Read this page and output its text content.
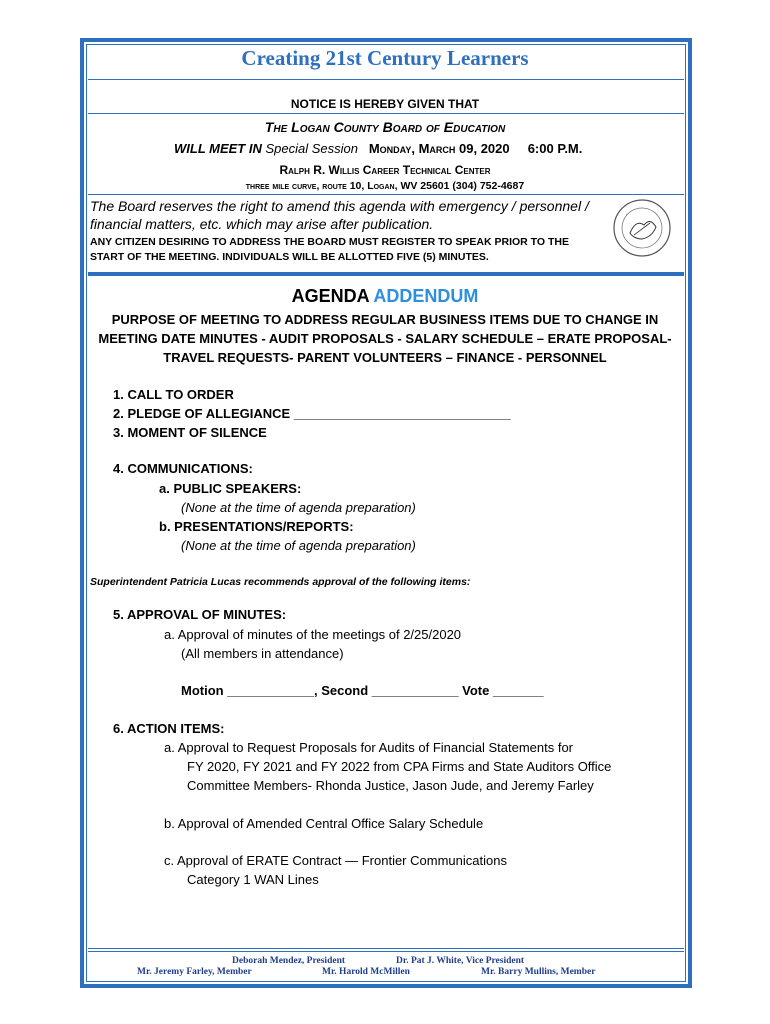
Creating 21st Century Learners
NOTICE IS HEREBY GIVEN THAT
The Logan County Board of Education
WILL MEET IN Special Session Monday, March 09, 2020 6:00 P.M.
Ralph R. Willis Career Technical Center
three mile curve, route 10, Logan, WV 25601 (304) 752-4687
The Board reserves the right to amend this agenda with emergency / personnel /
financial matters, etc. which may arise after publication.
ANY CITIZEN DESIRING TO ADDRESS THE BOARD MUST REGISTER TO SPEAK PRIOR TO THE
START OF THE MEETING. INDIVIDUALS WILL BE ALLOTTED FIVE (5) MINUTES.
AGENDA ADDENDUM
PURPOSE OF MEETING TO ADDRESS REGULAR BUSINESS ITEMS DUE TO CHANGE IN
MEETING DATE MINUTES - AUDIT PROPOSALS - SALARY SCHEDULE – ERATE PROPOSAL-
TRAVEL REQUESTS- PARENT VOLUNTEERS – FINANCE - PERSONNEL
1. CALL TO ORDER
2. PLEDGE OF ALLEGIANCE ______________________________
3. MOMENT OF SILENCE
4. COMMUNICATIONS:
a. PUBLIC SPEAKERS:
(None at the time of agenda preparation)
b. PRESENTATIONS/REPORTS:
(None at the time of agenda preparation)
Superintendent Patricia Lucas recommends approval of the following items:
5. APPROVAL OF MINUTES:
a. Approval of minutes of the meetings of 2/25/2020
(All members in attendance)
Motion ____________, Second ____________ Vote _______
6. ACTION ITEMS:
a. Approval to Request Proposals for Audits of Financial Statements for
FY 2020, FY 2021 and FY 2022 from CPA Firms and State Auditors Office
Committee Members- Rhonda Justice, Jason Jude, and Jeremy Farley
b. Approval of Amended Central Office Salary Schedule
c. Approval of ERATE Contract — Frontier Communications
Category 1 WAN Lines
Deborah Mendez, President	Dr. Pat J. White, Vice President
Mr. Jeremy Farley, Member	Mr. Harold McMillen	Mr. Barry Mullins, Member
